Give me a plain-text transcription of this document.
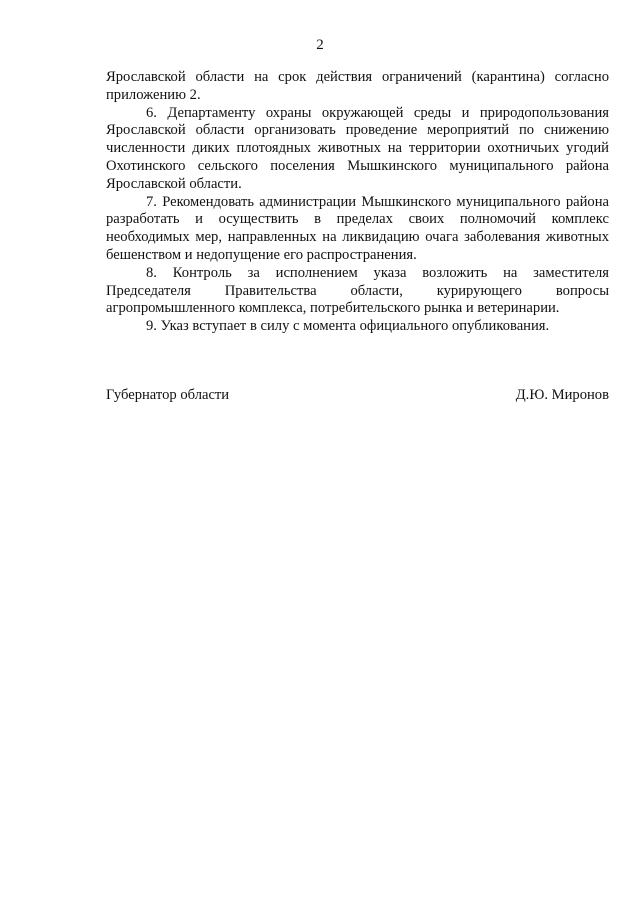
2

Ярославской области на срок действия ограничений (карантина) согласно приложению 2.

6. Департаменту охраны окружающей среды и природопользования Ярославской области организовать проведение мероприятий по снижению численности диких плотоядных животных на территории охотничьих угодий Охотинского сельского поселения Мышкинского муниципального района Ярославской области.

7. Рекомендовать администрации Мышкинского муниципального района разработать и осуществить в пределах своих полномочий комплекс необходимых мер, направленных на ликвидацию очага заболевания животных бешенством и недопущение его распространения.

8. Контроль за исполнением указа возложить на заместителя Председателя Правительства области, курирующего вопросы агропромышленного комплекса, потребительского рынка и ветеринарии.

9. Указ вступает в силу с момента официального опубликования.

Губернатор области	Д.Ю. Миронов
